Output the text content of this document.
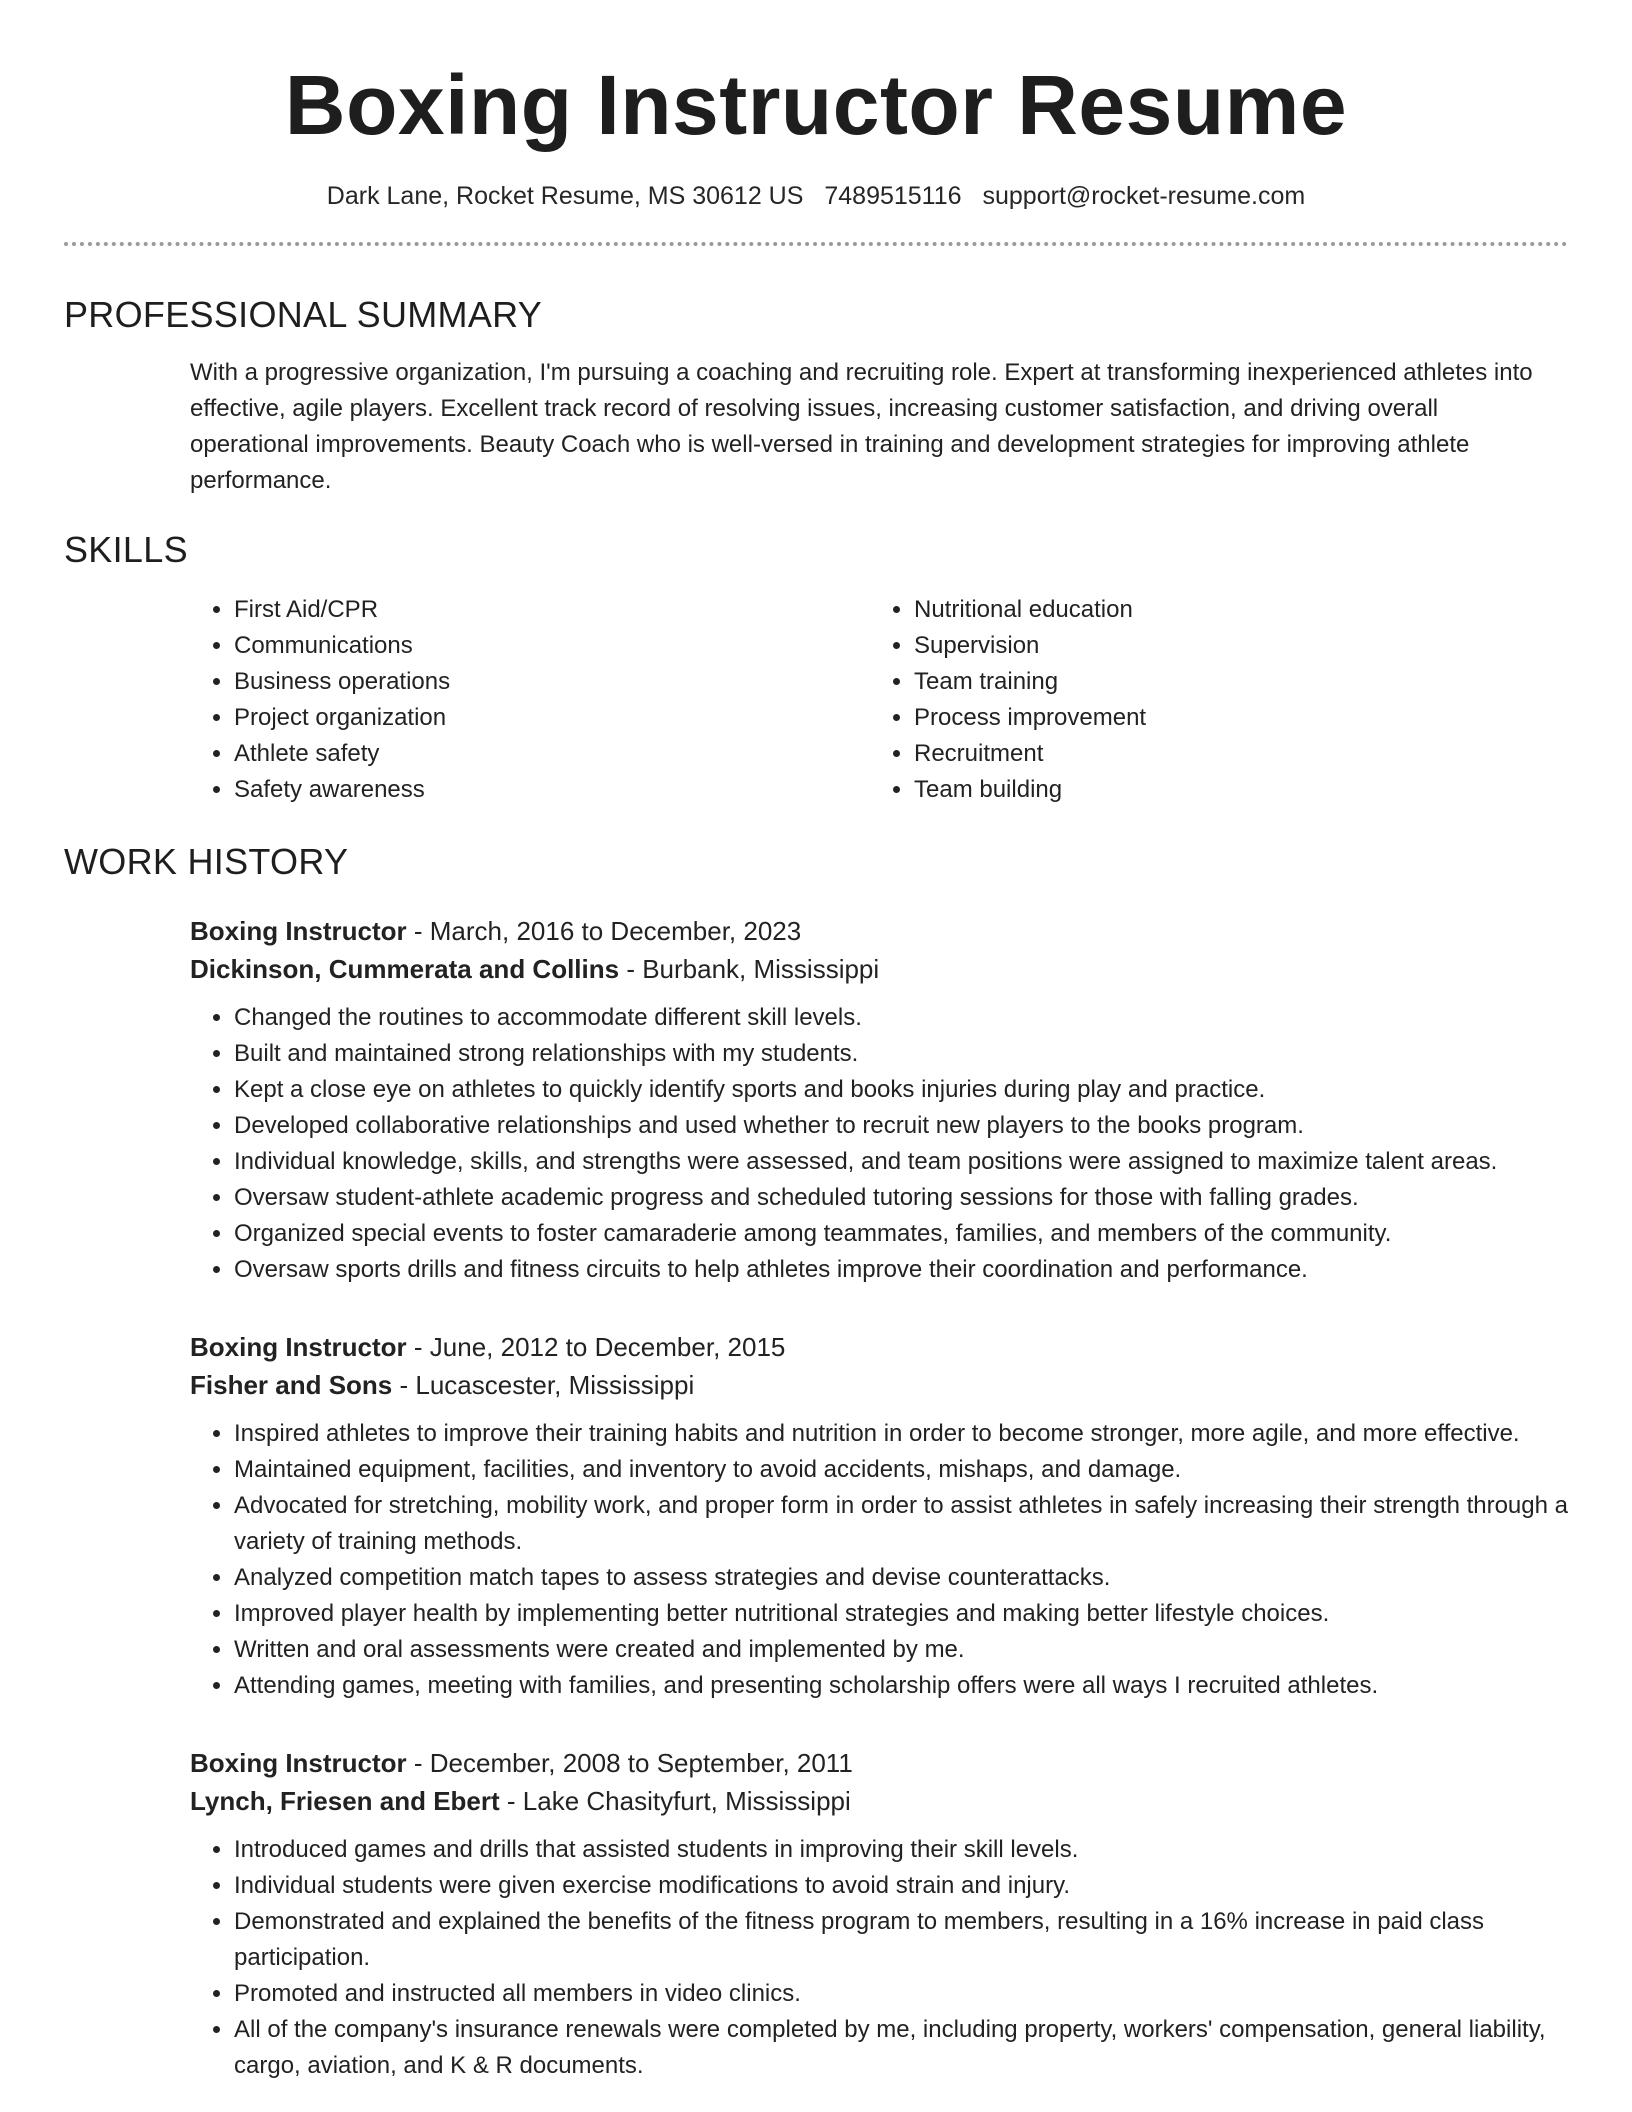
Boxing Instructor Resume
Dark Lane, Rocket Resume, MS 30612 US 7489515116 support@rocket-resume.com
PROFESSIONAL SUMMARY
With a progressive organization, I'm pursuing a coaching and recruiting role. Expert at transforming inexperienced athletes into effective, agile players. Excellent track record of resolving issues, increasing customer satisfaction, and driving overall operational improvements. Beauty Coach who is well-versed in training and development strategies for improving athlete performance.
SKILLS
• First Aid/CPR
• Communications
• Business operations
• Project organization
• Athlete safety
• Safety awareness
• Nutritional education
• Supervision
• Team training
• Process improvement
• Recruitment
• Team building
WORK HISTORY
Boxing Instructor - March, 2016 to December, 2023
Dickinson, Cummerata and Collins - Burbank, Mississippi
• Changed the routines to accommodate different skill levels.
• Built and maintained strong relationships with my students.
• Kept a close eye on athletes to quickly identify sports and books injuries during play and practice.
• Developed collaborative relationships and used whether to recruit new players to the books program.
• Individual knowledge, skills, and strengths were assessed, and team positions were assigned to maximize talent areas.
• Oversaw student-athlete academic progress and scheduled tutoring sessions for those with falling grades.
• Organized special events to foster camaraderie among teammates, families, and members of the community.
• Oversaw sports drills and fitness circuits to help athletes improve their coordination and performance.
Boxing Instructor - June, 2012 to December, 2015
Fisher and Sons - Lucascester, Mississippi
• Inspired athletes to improve their training habits and nutrition in order to become stronger, more agile, and more effective.
• Maintained equipment, facilities, and inventory to avoid accidents, mishaps, and damage.
• Advocated for stretching, mobility work, and proper form in order to assist athletes in safely increasing their strength through a variety of training methods.
• Analyzed competition match tapes to assess strategies and devise counterattacks.
• Improved player health by implementing better nutritional strategies and making better lifestyle choices.
• Written and oral assessments were created and implemented by me.
• Attending games, meeting with families, and presenting scholarship offers were all ways I recruited athletes.
Boxing Instructor - December, 2008 to September, 2011
Lynch, Friesen and Ebert - Lake Chasityfurt, Mississippi
• Introduced games and drills that assisted students in improving their skill levels.
• Individual students were given exercise modifications to avoid strain and injury.
• Demonstrated and explained the benefits of the fitness program to members, resulting in a 16% increase in paid class participation.
• Promoted and instructed all members in video clinics.
• All of the company's insurance renewals were completed by me, including property, workers' compensation, general liability, cargo, aviation, and K & R documents.
